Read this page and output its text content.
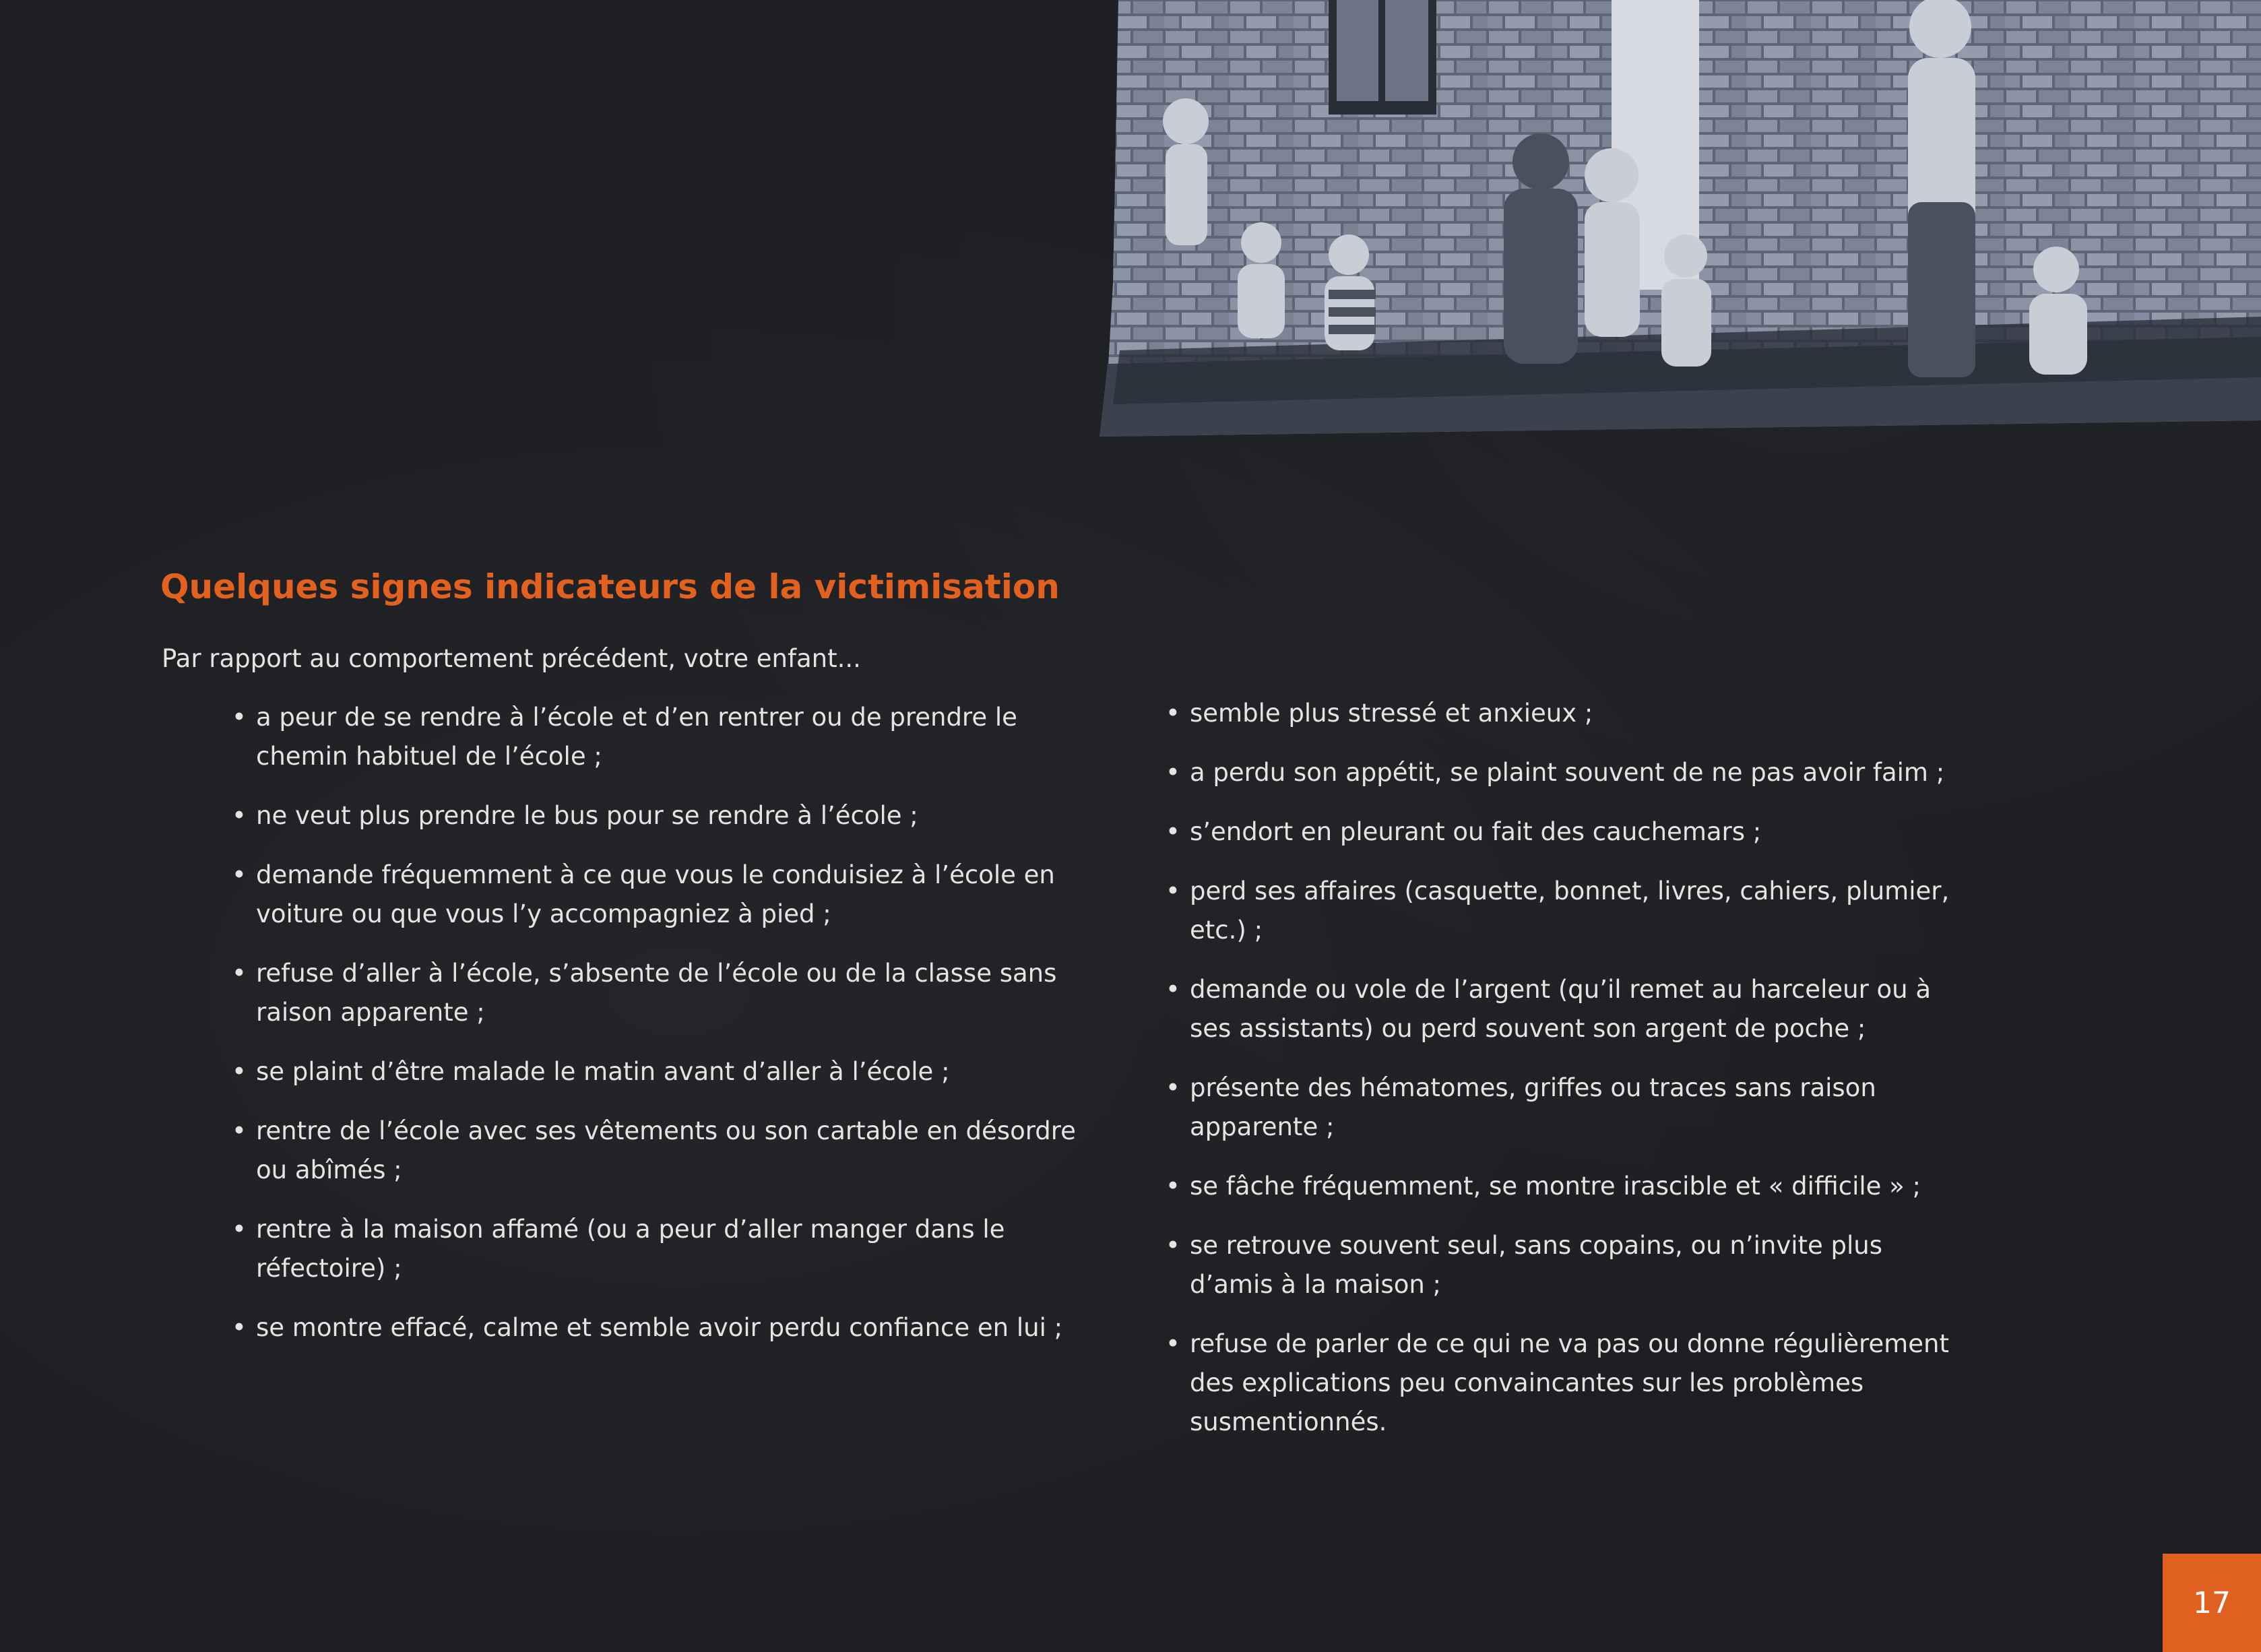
Quelques signes indicateurs de la victimisation

Par rapport au comportement précédent, votre enfant...

• a peur de se rendre à l’école et d’en rentrer ou de prendre le chemin habituel de l’école ;
• ne veut plus prendre le bus pour se rendre à l’école ;
• demande fréquemment à ce que vous le conduisiez à l’école en voiture ou que vous l’y accompagniez à pied ;
• refuse d’aller à l’école, s’absente de l’école ou de la classe sans raison apparente ;
• se plaint d’être malade le matin avant d’aller à l’école ;
• rentre de l’école avec ses vêtements ou son cartable en désordre ou abîmés ;
• rentre à la maison affamé (ou a peur d’aller manger dans le réfectoire) ;
• se montre effacé, calme et semble avoir perdu confiance en lui ;
• semble plus stressé et anxieux ;
• a perdu son appétit, se plaint souvent de ne pas avoir faim ;
• s’endort en pleurant ou fait des cauchemars ;
• perd ses affaires (casquette, bonnet, livres, cahiers, plumier, etc.) ;
• demande ou vole de l’argent (qu’il remet au harceleur ou à ses assistants) ou perd souvent son argent de poche ;
• présente des hématomes, griffes ou traces sans raison apparente ;
• se fâche fréquemment, se montre irascible et « difficile » ;
• se retrouve souvent seul, sans copains, ou n’invite plus d’amis à la maison ;
• refuse de parler de ce qui ne va pas ou donne régulièrement des explications peu convaincantes sur les problèmes susmentionnés.
17
